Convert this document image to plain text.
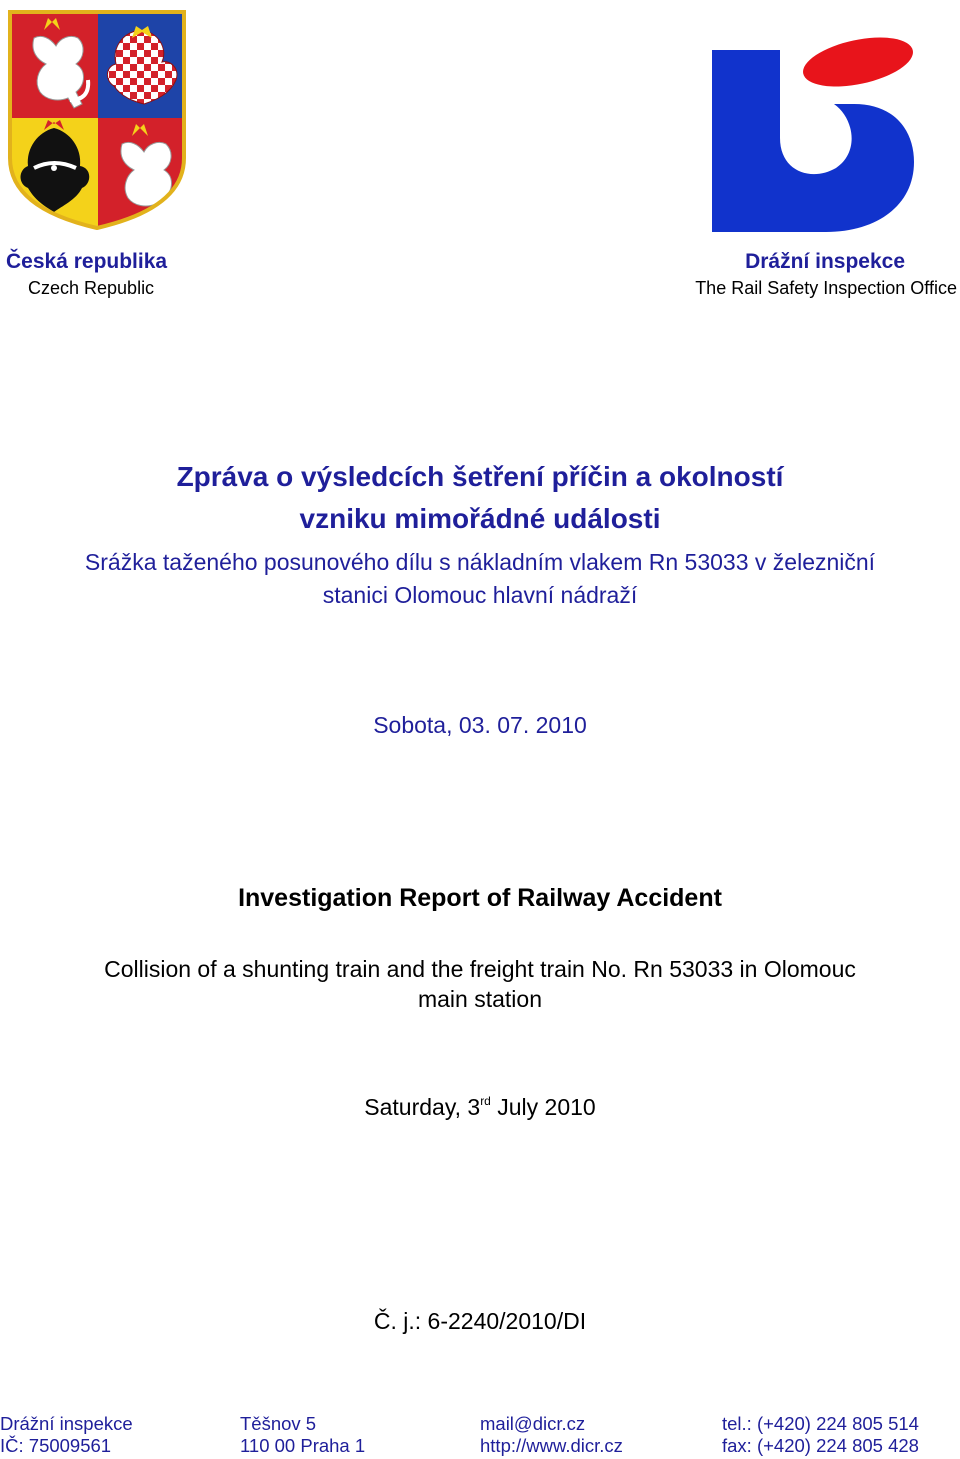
Česká republika
Czech Republic
Drážní inspekce
The Rail Safety Inspection Office
Zpráva o výsledcích šetření příčin a okolností
vzniku mimořádné události
Srážka taženého posunového dílu s nákladním vlakem Rn 53033 v železniční
stanici Olomouc hlavní nádraží
Sobota, 03. 07. 2010
Investigation Report of Railway Accident
Collision of a shunting train and the freight train No. Rn 53033 in Olomouc
main station
Saturday, 3rd July 2010
Č. j.: 6-2240/2010/DI
Drážní inspekce	Těšnov 5	mail@dicr.cz	tel.: (+420) 224 805 514
IČ: 75009561	110 00 Praha 1	http://www.dicr.cz	fax: (+420) 224 805 428
